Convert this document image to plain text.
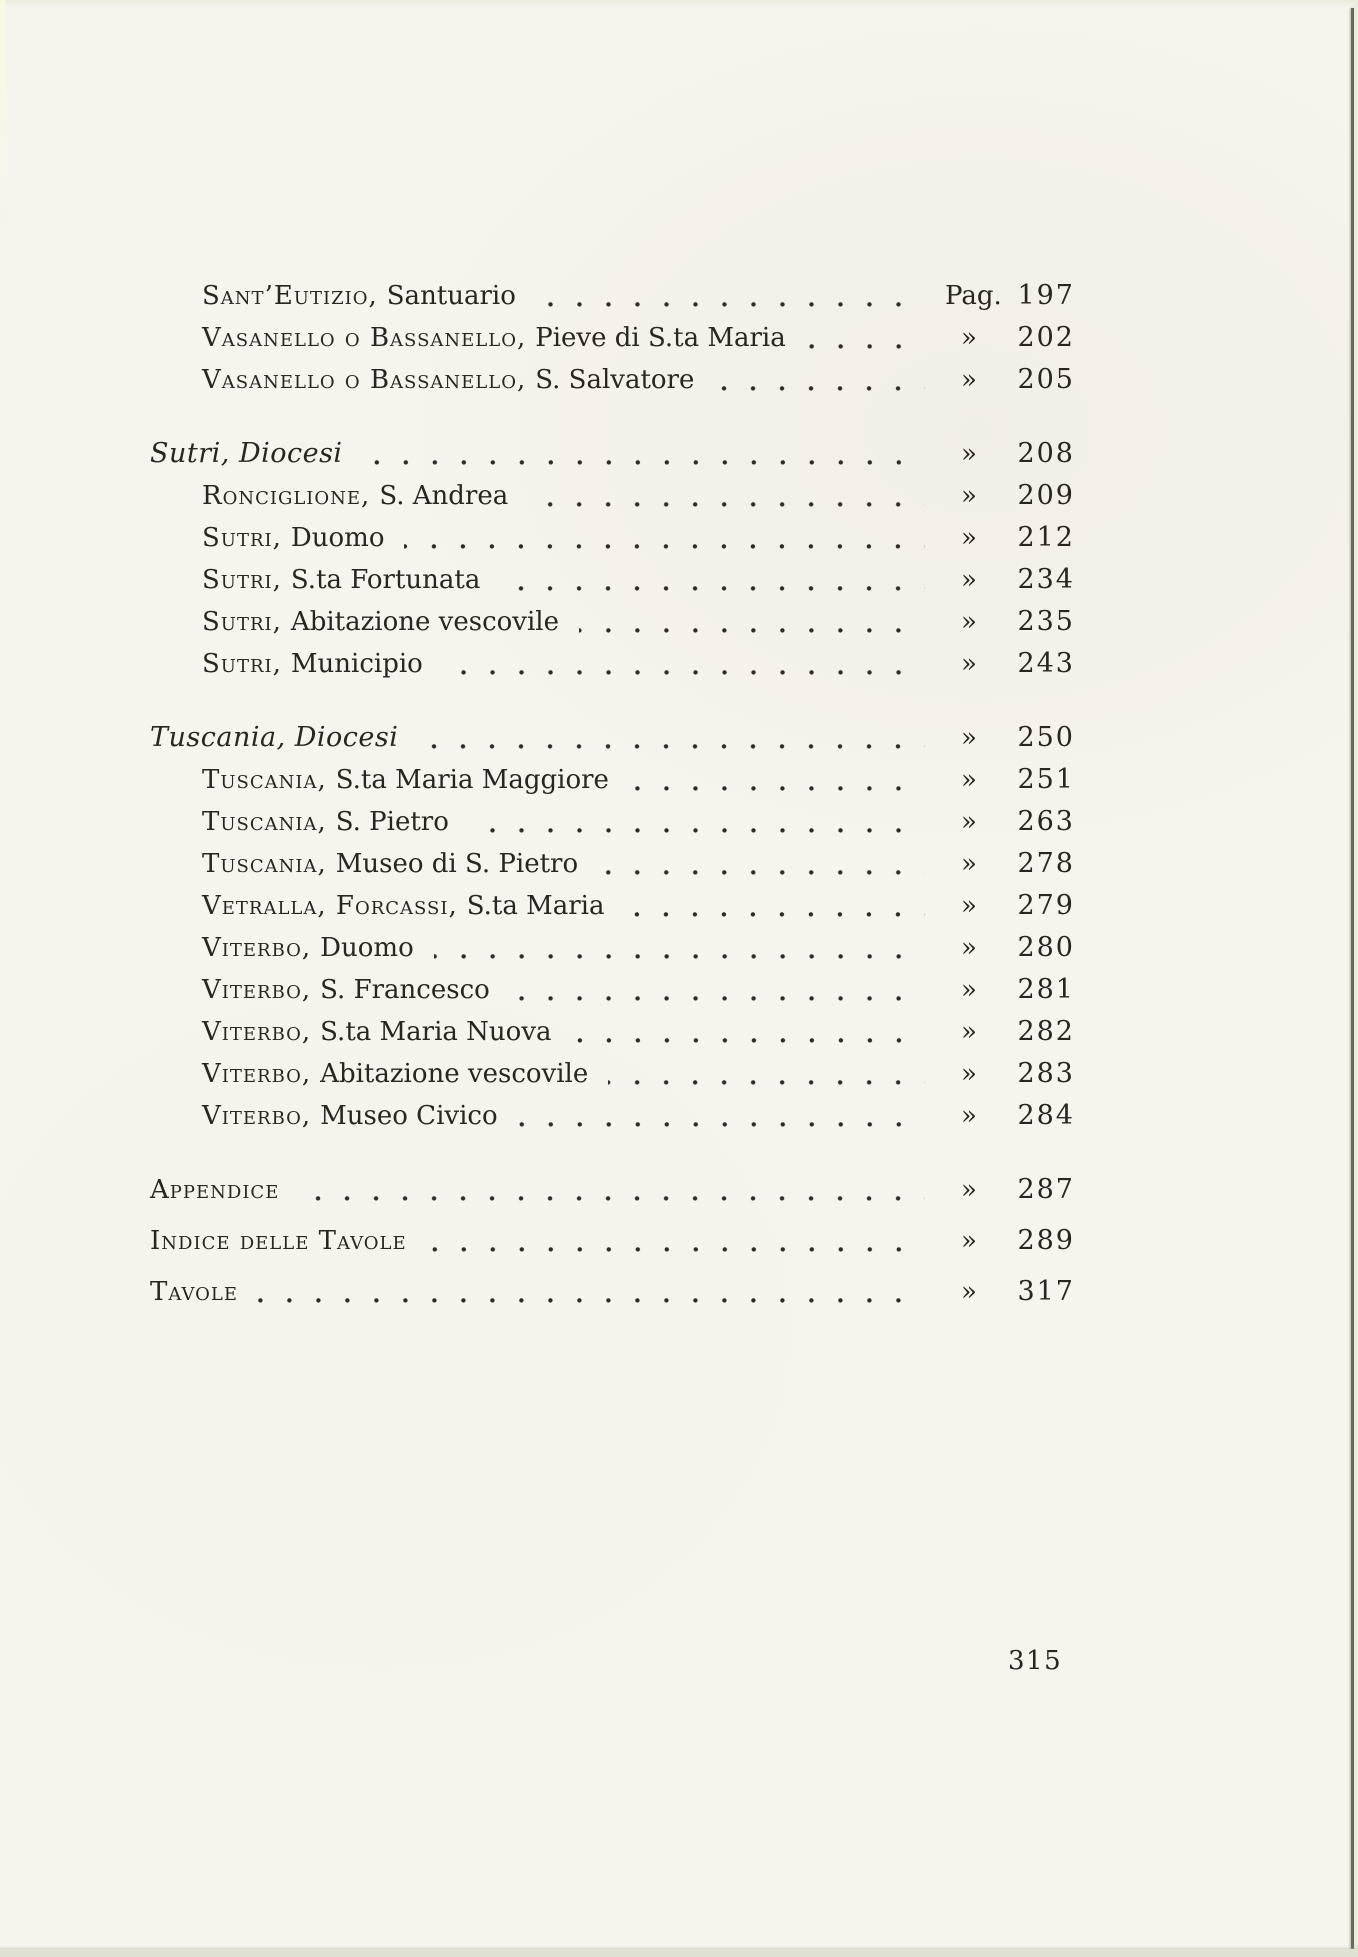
Sant’Eutizio, Santuario	Pag. 197
Vasanello o Bassanello, Pieve di S.ta Maria	»	202
Vasanello o Bassanello, S. Salvatore	»	205
Sutri, Diocesi	»	208
Ronciglione, S. Andrea	»	209
Sutri, Duomo	»	212
Sutri, S.ta Fortunata	»	234
Sutri, Abitazione vescovile	»	235
Sutri, Municipio	»	243
Tuscania, Diocesi	»	250
Tuscania, S.ta Maria Maggiore	»	251
Tuscania, S. Pietro	»	263
Tuscania, Museo di S. Pietro	»	278
Vetralla, Forcassi, S.ta Maria	»	279
Viterbo, Duomo	»	280
Viterbo, S. Francesco	»	281
Viterbo, S.ta Maria Nuova	»	282
Viterbo, Abitazione vescovile	»	283
Viterbo, Museo Civico	»	284
Appendice	»	287
Indice delle Tavole	»	289
Tavole	»	317
315
